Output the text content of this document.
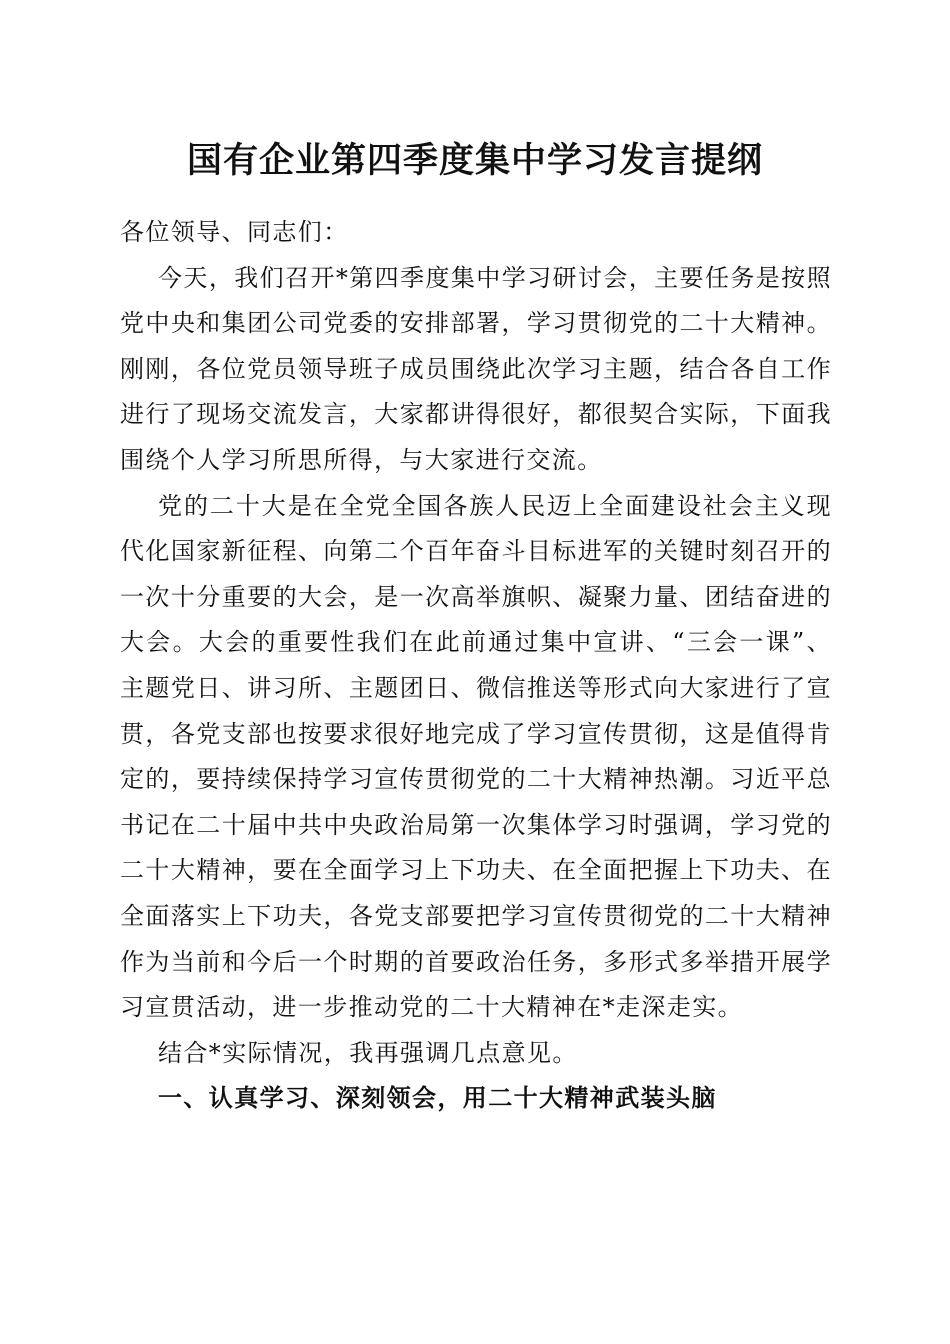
国有企业第四季度集中学习发言提纲

各位领导、同志们：

今天，我们召开*第四季度集中学习研讨会，主要任务是按照党中央和集团公司党委的安排部署，学习贯彻党的二十大精神。刚刚，各位党员领导班子成员围绕此次学习主题，结合各自工作进行了现场交流发言，大家都讲得很好，都很契合实际，下面我围绕个人学习所思所得，与大家进行交流。

党的二十大是在全党全国各族人民迈上全面建设社会主义现代化国家新征程、向第二个百年奋斗目标进军的关键时刻召开的一次十分重要的大会，是一次高举旗帜、凝聚力量、团结奋进的大会。大会的重要性我们在此前通过集中宣讲、“三会一课”、主题党日、讲习所、主题团日、微信推送等形式向大家进行了宣贯，各党支部也按要求很好地完成了学习宣传贯彻，这是值得肯定的，要持续保持学习宣传贯彻党的二十大精神热潮。习近平总书记在二十届中共中央政治局第一次集体学习时强调，学习党的二十大精神，要在全面学习上下功夫、在全面把握上下功夫、在全面落实上下功夫，各党支部要把学习宣传贯彻党的二十大精神作为当前和今后一个时期的首要政治任务，多形式多举措开展学习宣贯活动，进一步推动党的二十大精神在*走深走实。

结合*实际情况，我再强调几点意见。

一、认真学习、深刻领会，用二十大精神武装头脑
